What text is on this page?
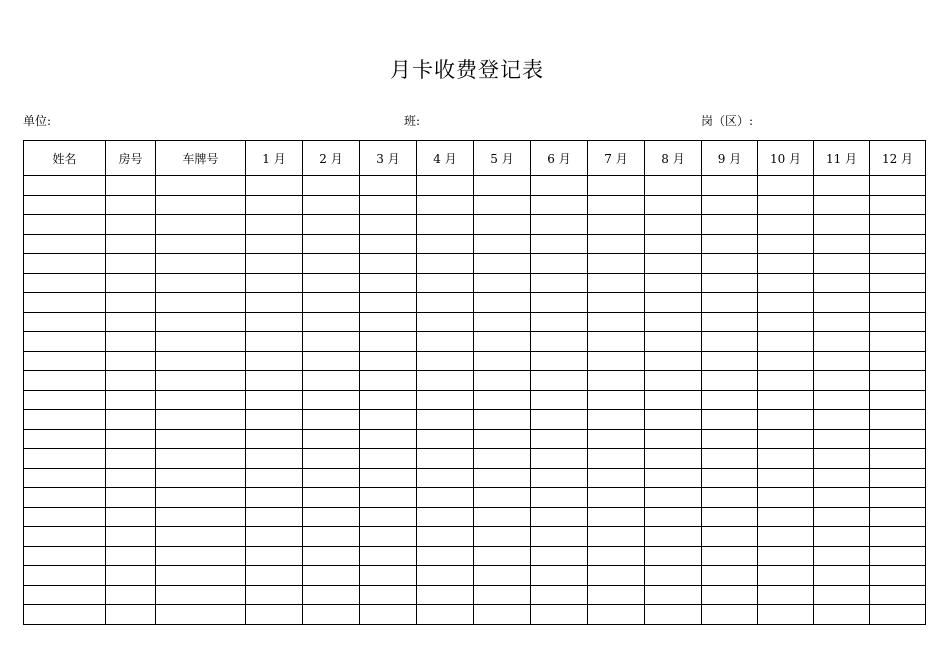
月卡收费登记表
单位:	班:	岗（区）:
姓名	房号	车牌号	1 月	2 月	3 月	4 月	5 月	6 月	7 月	8 月	9 月	10 月	11 月	12 月
